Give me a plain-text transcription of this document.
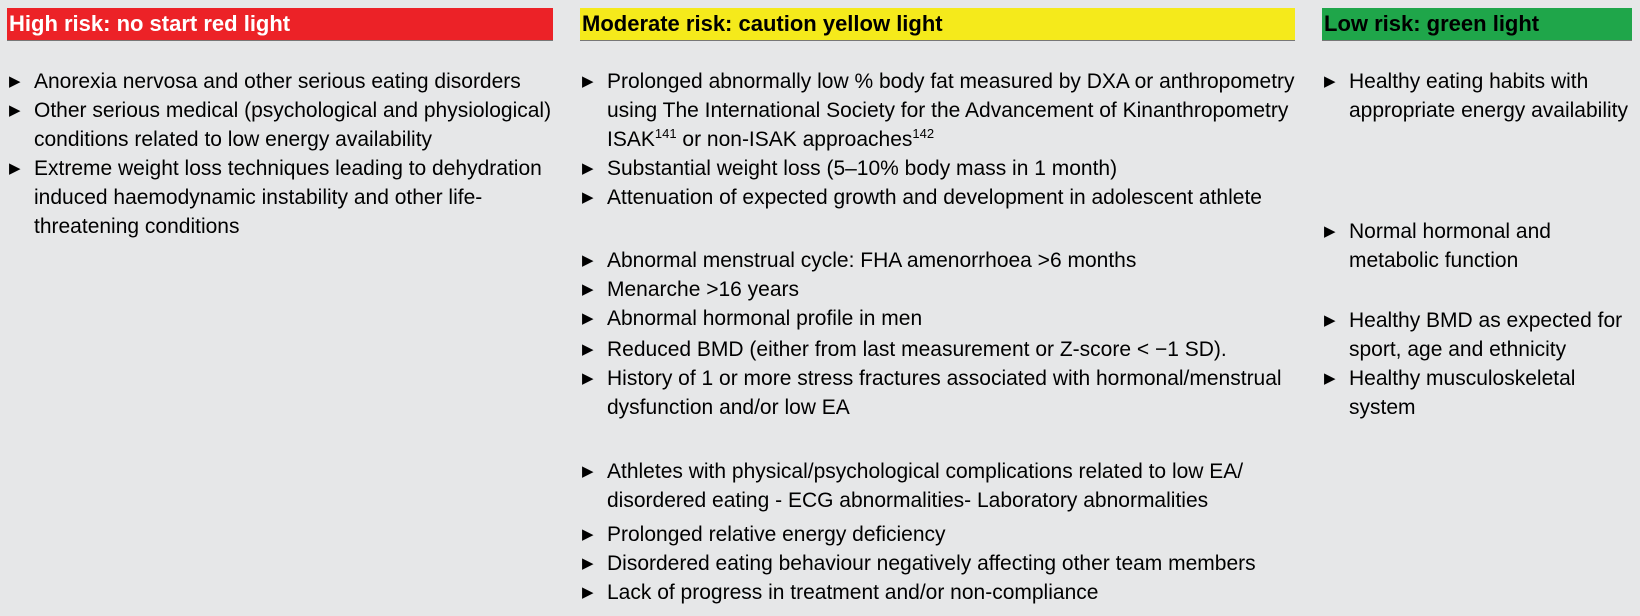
High risk: no start red light
▶ Anorexia nervosa and other serious eating disorders
▶ Other serious medical (psychological and physiological) conditions related to low energy availability
▶ Extreme weight loss techniques leading to dehydration induced haemodynamic instability and other life-threatening conditions
Moderate risk: caution yellow light
▶ Prolonged abnormally low % body fat measured by DXA or anthropometry using The International Society for the Advancement of Kinanthropometry ISAK$^{141}$ or non-ISAK approaches$^{142}$
▶ Substantial weight loss (5–10% body mass in 1 month)
▶ Attenuation of expected growth and development in adolescent athlete
▶ Abnormal menstrual cycle: FHA amenorrhoea >6 months
▶ Menarche >16 years
▶ Abnormal hormonal profile in men
▶ Reduced BMD (either from last measurement or Z-score < −1 SD).
▶ History of 1 or more stress fractures associated with hormonal/menstrual dysfunction and/or low EA
▶ Athletes with physical/psychological complications related to low EA/ disordered eating - ECG abnormalities- Laboratory abnormalities
▶ Prolonged relative energy deficiency
▶ Disordered eating behaviour negatively affecting other team members
▶ Lack of progress in treatment and/or non-compliance
Low risk: green light
▶ Healthy eating habits with appropriate energy availability
▶ Normal hormonal and metabolic function
▶ Healthy BMD as expected for sport, age and ethnicity
▶ Healthy musculoskeletal system
